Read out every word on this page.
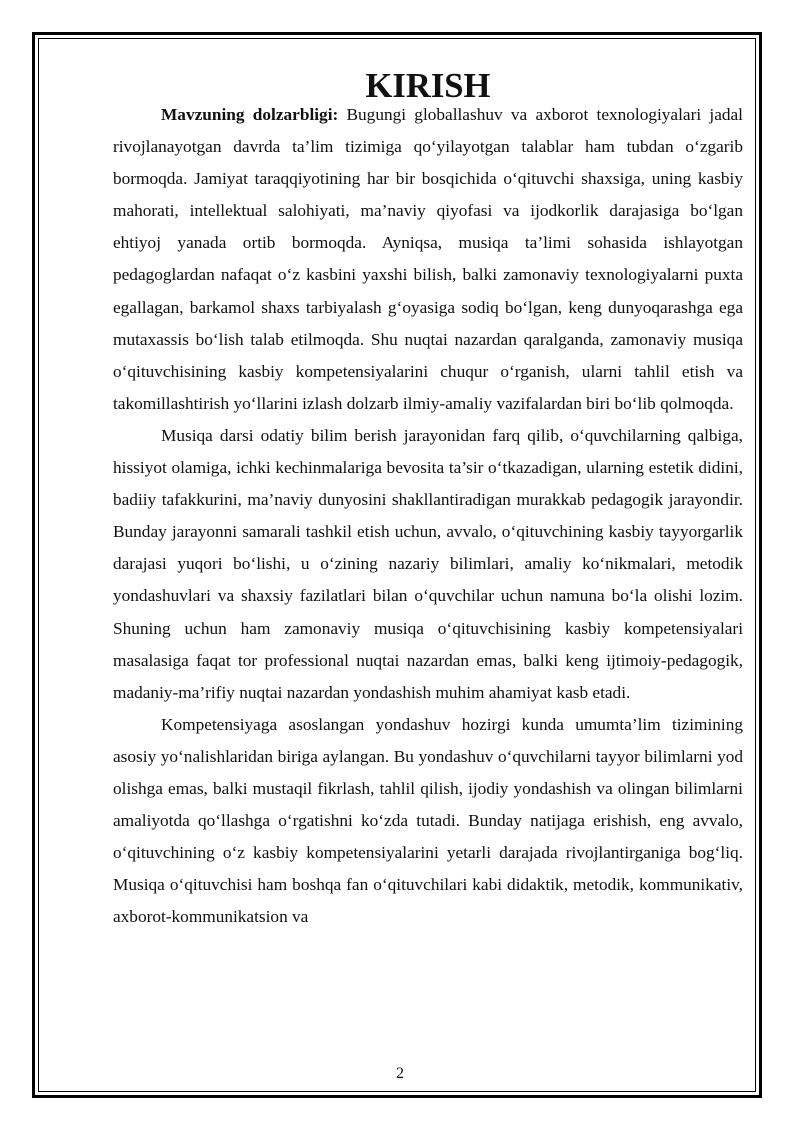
KIRISH

Mavzuning dolzarbligi: Bugungi globallashuv va axborot texnologiyalari jadal rivojlanayotgan davrda ta’lim tizimiga qo‘yilayotgan talablar ham tubdan o‘zgarib bormoqda. Jamiyat taraqqiyotining har bir bosqichida o‘qituvchi shaxsiga, uning kasbiy mahorati, intellektual salohiyati, ma’naviy qiyofasi va ijodkorlik darajasiga bo‘lgan ehtiyoj yanada ortib bormoqda. Ayniqsa, musiqa ta’limi sohasida ishlayotgan pedagoglardan nafaqat o‘z kasbini yaxshi bilish, balki zamonaviy texnologiyalarni puxta egallagan, barkamol shaxs tarbiyalash g‘oyasiga sodiq bo‘lgan, keng dunyoqarashga ega mutaxassis bo‘lish talab etilmoqda. Shu nuqtai nazardan qaralganda, zamonaviy musiqa o‘qituvchisining kasbiy kompetensiyalarini chuqur o‘rganish, ularni tahlil etish va takomillashtirish yo‘llarini izlash dolzarb ilmiy-amaliy vazifalardan biri bo‘lib qolmoqda.

Musiqa darsi odatiy bilim berish jarayonidan farq qilib, o‘quvchilarning qalbiga, hissiyot olamiga, ichki kechinmalariga bevosita ta’sir o‘tkazadigan, ularning estetik didini, badiiy tafakkurini, ma’naviy dunyosini shakllantiradigan murakkab pedagogik jarayondir. Bunday jarayonni samarali tashkil etish uchun, avvalo, o‘qituvchining kasbiy tayyorgarlik darajasi yuqori bo‘lishi, u o‘zining nazariy bilimlari, amaliy ko‘nikmalari, metodik yondashuvlari va shaxsiy fazilatlari bilan o‘quvchilar uchun namuna bo‘la olishi lozim. Shuning uchun ham zamonaviy musiqa o‘qituvchisining kasbiy kompetensiyalari masalasiga faqat tor professional nuqtai nazardan emas, balki keng ijtimoiy-pedagogik, madaniy-ma’rifiy nuqtai nazardan yondashish muhim ahamiyat kasb etadi.

Kompetensiyaga asoslangan yondashuv hozirgi kunda umumta’lim tizimining asosiy yo‘nalishlaridan biriga aylangan. Bu yondashuv o‘quvchilarni tayyor bilimlarni yod olishga emas, balki mustaqil fikrlash, tahlil qilish, ijodiy yondashish va olingan bilimlarni amaliyotda qo‘llashga o‘rgatishni ko‘zda tutadi. Bunday natijaga erishish, eng avvalo, o‘qituvchining o‘z kasbiy kompetensiyalarini yetarli darajada rivojlantirganiga bog‘liq. Musiqa o‘qituvchisi ham boshqa fan o‘qituvchilari kabi didaktik, metodik, kommunikativ, axborot-kommunikatsion va

2
